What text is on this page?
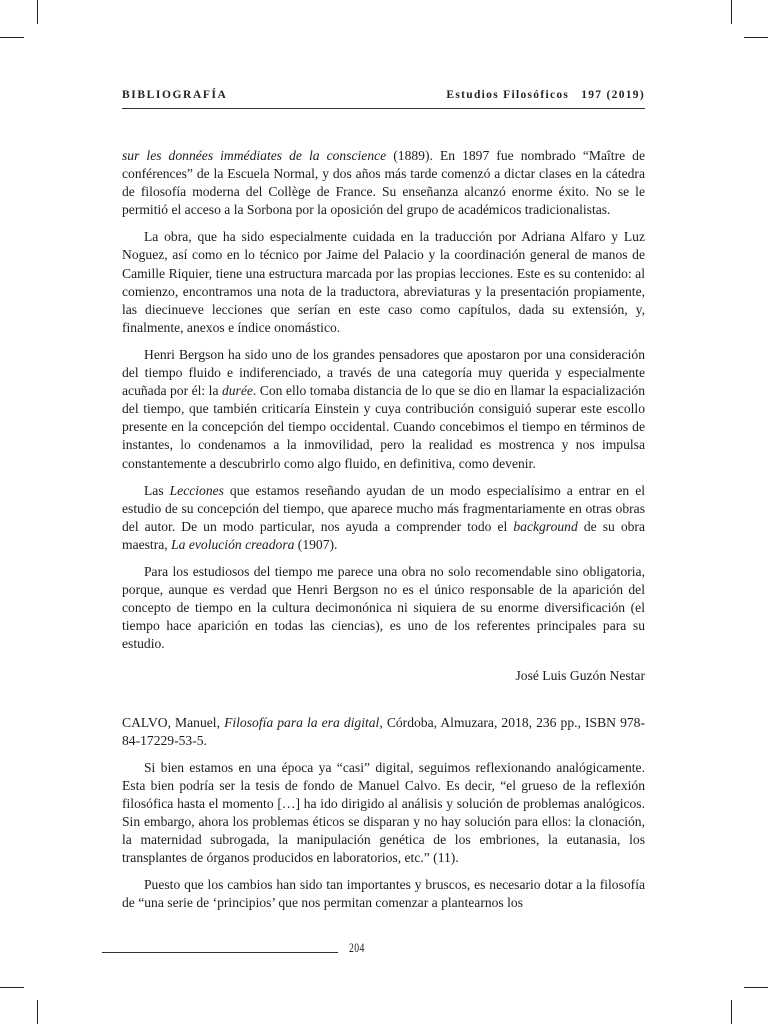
BIBLIOGRAFÍA	Estudios Filosóficos 197 (2019)

sur les données immédiates de la conscience (1889). En 1897 fue nombrado “Maître de conférences” de la Escuela Normal, y dos años más tarde comenzó a dictar clases en la cátedra de filosofía moderna del Collège de France. Su enseñanza alcanzó enorme éxito. No se le permitió el acceso a la Sorbona por la oposición del grupo de académicos tradicionalistas.

La obra, que ha sido especialmente cuidada en la traducción por Adriana Alfaro y Luz Noguez, así como en lo técnico por Jaime del Palacio y la coordinación general de manos de Camille Riquier, tiene una estructura marcada por las propias lecciones. Este es su contenido: al comienzo, encontramos una nota de la traductora, abreviaturas y la presentación propiamente, las diecinueve lecciones que serían en este caso como capítulos, dada su extensión, y, finalmente, anexos e índice onomástico.

Henri Bergson ha sido uno de los grandes pensadores que apostaron por una consideración del tiempo fluido e indiferenciado, a través de una categoría muy querida y especialmente acuñada por él: la durée. Con ello tomaba distancia de lo que se dio en llamar la espacialización del tiempo, que también criticaría Einstein y cuya contribución consiguió superar este escollo presente en la concepción del tiempo occidental. Cuando concebimos el tiempo en términos de instantes, lo condenamos a la inmovilidad, pero la realidad es mostrenca y nos impulsa constantemente a descubrirlo como algo fluido, en definitiva, como devenir.

Las Lecciones que estamos reseñando ayudan de un modo especialísimo a entrar en el estudio de su concepción del tiempo, que aparece mucho más fragmentariamente en otras obras del autor. De un modo particular, nos ayuda a comprender todo el background de su obra maestra, La evolución creadora (1907).

Para los estudiosos del tiempo me parece una obra no solo recomendable sino obligatoria, porque, aunque es verdad que Henri Bergson no es el único responsable de la aparición del concepto de tiempo en la cultura decimonónica ni siquiera de su enorme diversificación (el tiempo hace aparición en todas las ciencias), es uno de los referentes principales para su estudio.

José Luis Guzón Nestar

CALVO, Manuel, Filosofía para la era digital, Córdoba, Almuzara, 2018, 236 pp., ISBN 978-84-17229-53-5.

Si bien estamos en una época ya “casi” digital, seguimos reflexionando analógicamente. Esta bien podría ser la tesis de fondo de Manuel Calvo. Es decir, “el grueso de la reflexión filosófica hasta el momento […] ha ido dirigido al análisis y solución de problemas analógicos. Sin embargo, ahora los problemas éticos se disparan y no hay solución para ellos: la clonación, la maternidad subrogada, la manipulación genética de los embriones, la eutanasia, los transplantes de órganos producidos en laboratorios, etc.” (11).

Puesto que los cambios han sido tan importantes y bruscos, es necesario dotar a la filosofía de “una serie de ‘principios’ que nos permitan comenzar a plantearnos los

204
